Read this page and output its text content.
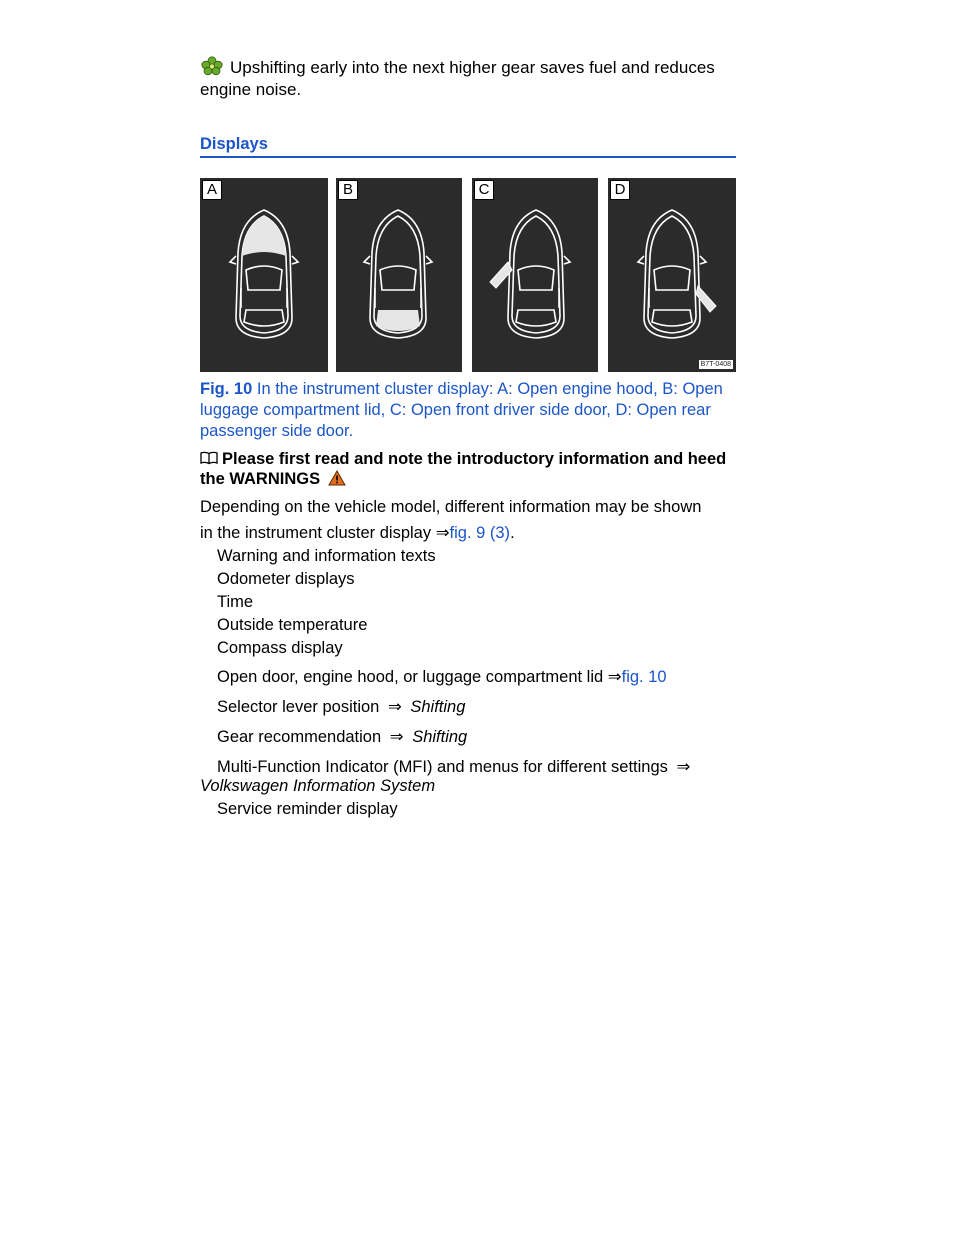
Upshifting early into the next higher gear saves fuel and reduces engine noise.
Displays
A	B	C	D
B7T-0408
Fig. 10 In the instrument cluster display: A: Open engine hood, B: Open luggage compartment lid, C: Open front driver side door, D: Open rear passenger side door.
Please first read and note the introductory information and heed the WARNINGS
Depending on the vehicle model, different information may be shown
in the instrument cluster display ⇒fig. 9 (3).
Warning and information texts
Odometer displays
Time
Outside temperature
Compass display
Open door, engine hood, or luggage compartment lid ⇒fig. 10
Selector lever position ⇒ Shifting
Gear recommendation ⇒ Shifting
Multi-Function Indicator (MFI) and menus for different settings ⇒
Volkswagen Information System
Service reminder display
